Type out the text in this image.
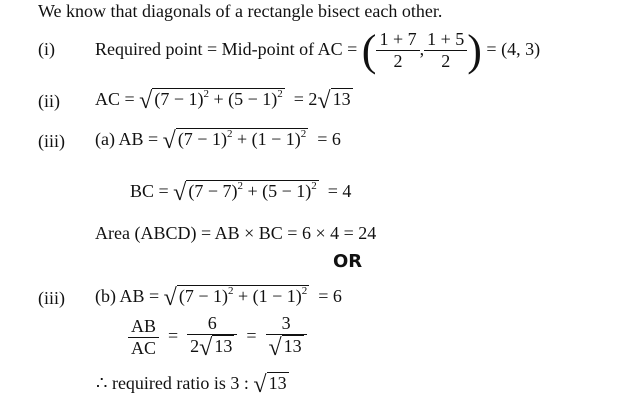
We know that diagonals of a rectangle bisect each other.
(i) Required point = Mid-point of AC = ( $\frac{1 + 7}{2}$ , $\frac{1 + 5}{2}$ ) = (4, 3)
(ii) AC = √ $(7 - 1)^2 + (5 - 1)^2 = 2√$ 13
(iii) (a) AB = √ $(7 - 1)^2 + (1 - 1)^2 = 6$
BC = √ $(7 - 7)^2 + (5 - 1)^2 = 4$
Area (ABCD) = AB × BC = 6 × 4 = 24
OR
(iii) (b) AB = √ $(7 - 1)^2 + (1 - 1)^2 = 6$
$\frac{AB}{AC} = \frac{6}{2√ 13} = \frac{3}{√ 13}$
∴ required ratio is 3 : √ 13
